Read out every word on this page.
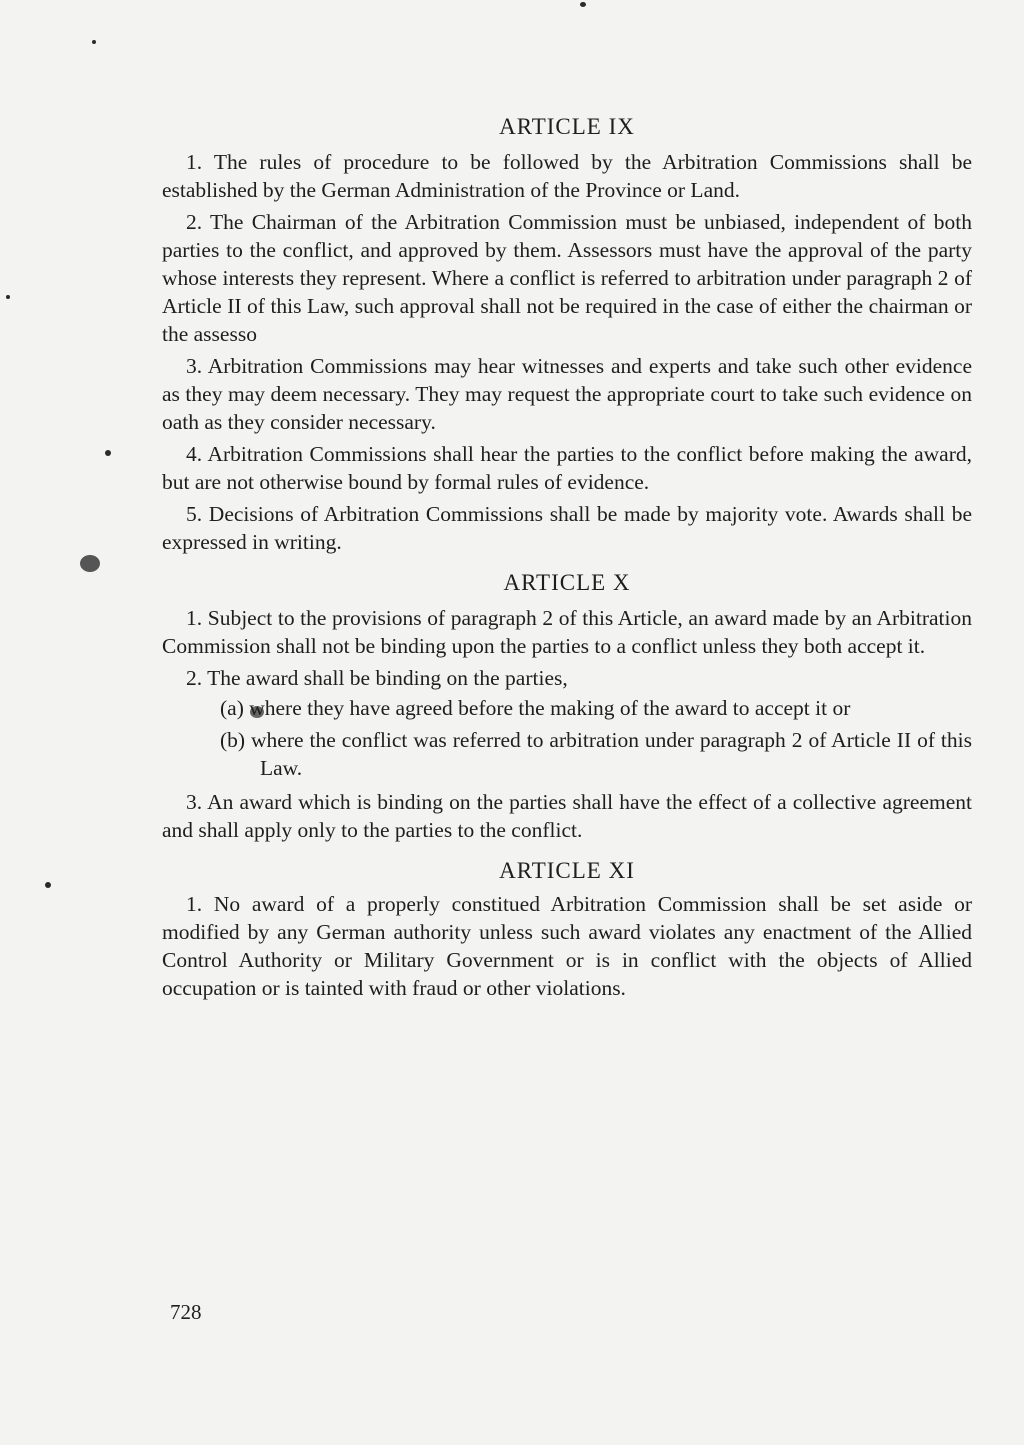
ARTICLE IX

1. The rules of procedure to be followed by the Arbitration Commissions shall be established by the German Administration of the Province or Land.

2. The Chairman of the Arbitration Commission must be unbiased, independent of both parties to the conflict, and approved by them. Assessors must have the approval of the party whose interests they represent. Where a conflict is referred to arbitration under paragraph 2 of Article II of this Law, such approval shall not be required in the case of either the chairman or the assesso

3. Arbitration Commissions may hear witnesses and experts and take such other evidence as they may deem necessary. They may request the appropriate court to take such evidence on oath as they consider necessary.

4. Arbitration Commissions shall hear the parties to the conflict before making the award, but are not otherwise bound by formal rules of evidence.

5. Decisions of Arbitration Commissions shall be made by majority vote. Awards shall be expressed in writing.

ARTICLE X

1. Subject to the provisions of paragraph 2 of this Article, an award made by an Arbitration Commission shall not be binding upon the parties to a conflict unless they both accept it.

2. The award shall be binding on the parties,

(a) where they have agreed before the making of the award to accept it or

(b) where the conflict was referred to arbitration under paragraph 2 of Article II of this Law.

3. An award which is binding on the parties shall have the effect of a collective agreement and shall apply only to the parties to the conflict.

ARTICLE XI

1. No award of a properly constitued Arbitration Commission shall be set aside or modified by any German authority unless such award violates any enactment of the Allied Control Authority or Military Government or is in conflict with the objects of Allied occupation or is tainted with fraud or other violations.

728
